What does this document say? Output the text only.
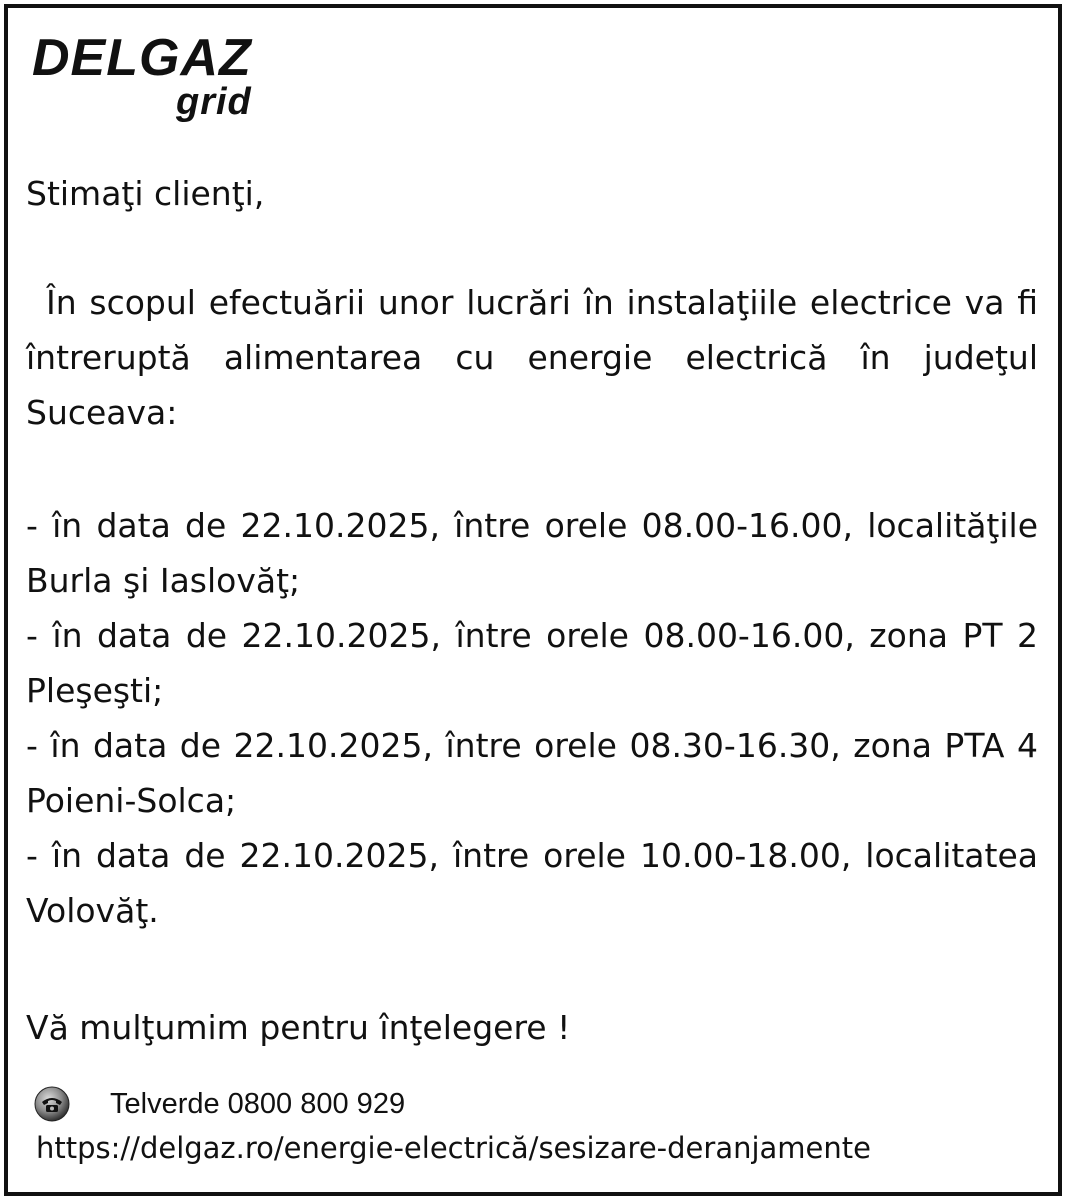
DELGAZ
grid
Stimaţi clienţi,
În scopul efectuării unor lucrări în instalaţiile electrice va fi întreruptă alimentarea cu energie electrică în judeţul Suceava:
- în data de 22.10.2025, între orele 08.00-16.00, localităţile Burla şi Iaslovăţ;
- în data de 22.10.2025, între orele 08.00-16.00, zona PT 2 Pleşeşti;
- în data de 22.10.2025, între orele 08.30-16.30, zona PTA 4 Poieni-Solca;
- în data de 22.10.2025, între orele 10.00-18.00, localitatea Volovăţ.
Vă mulţumim pentru înţelegere !
Telverde 0800 800 929
https://delgaz.ro/energie-electrică/sesizare-deranjamente
